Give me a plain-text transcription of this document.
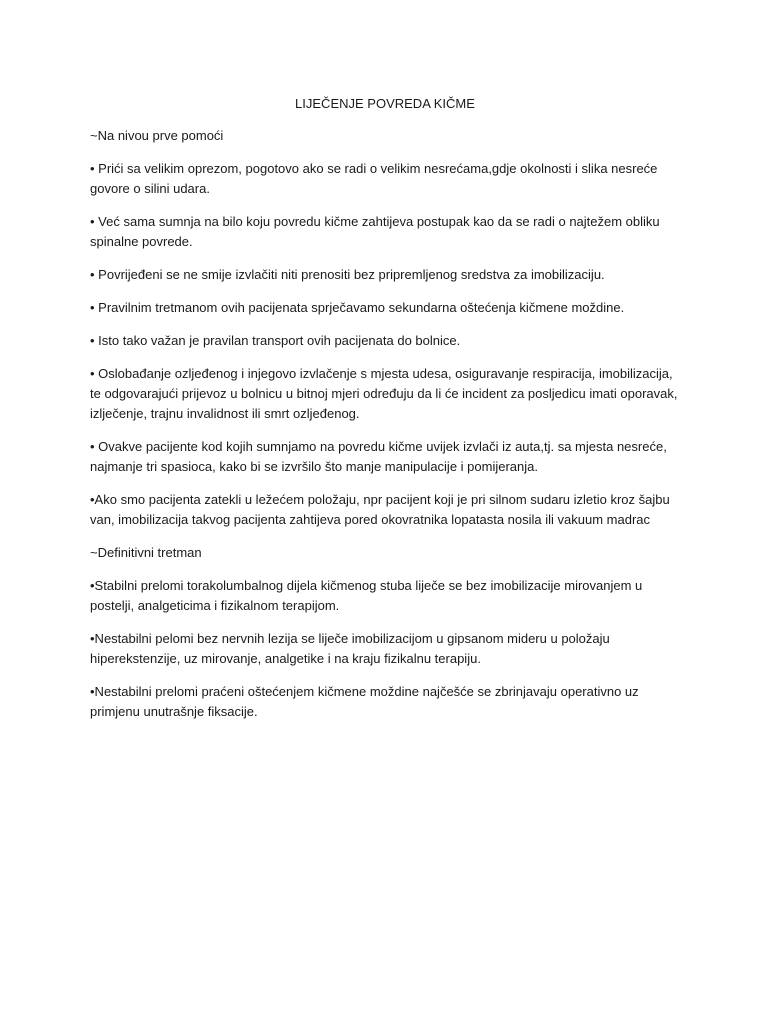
LIJEČENJE POVREDA KIČME

~Na nivou prve pomoći

• Prići sa velikim oprezom, pogotovo ako se radi o velikim nesrećama,gdje okolnosti i slika nesreće govore o silini udara.

• Već sama sumnja na bilo koju povredu kičme zahtijeva postupak kao da se radi o najtežem obliku spinalne povrede.

• Povrijeđeni se ne smije izvlačiti niti prenositi bez pripremljenog sredstva za imobilizaciju.

• Pravilnim tretmanom ovih pacijenata sprječavamo sekundarna oštećenja kičmene moždine.

• Isto tako važan je pravilan transport ovih pacijenata do bolnice.

• Oslobađanje ozljeđenog i injegovo izvlačenje s mjesta udesa, osiguravanje respiracija, imobilizacija, te odgovarajući prijevoz u bolnicu u bitnoj mjeri određuju da li će incident za posljedicu imati oporavak, izlječenje, trajnu invalidnost ili smrt ozljeđenog.

• Ovakve pacijente kod kojih sumnjamo na povredu kičme uvijek izvlači iz auta,tj. sa mjesta nesreće, najmanje tri spasioca, kako bi se izvršilo što manje manipulacije i pomijeranja.

•Ako smo pacijenta zatekli u ležećem položaju, npr pacijent koji je pri silnom sudaru izletio kroz šajbu van, imobilizacija takvog pacijenta zahtijeva pored okovratnika lopatasta nosila ili vakuum madrac

~Definitivni tretman

•Stabilni prelomi torakolumbalnog dijela kičmenog stuba liječe se bez imobilizacije mirovanjem u postelji, analgeticima i fizikalnom terapijom.

•Nestabilni pelomi bez nervnih lezija se liječe imobilizacijom u gipsanom mideru u položaju hiperekstenzije, uz mirovanje, analgetike i na kraju fizikalnu terapiju.

•Nestabilni prelomi praćeni oštećenjem kičmene moždine najčešće se zbrinjavaju operativno uz primjenu unutrašnje fiksacije.
